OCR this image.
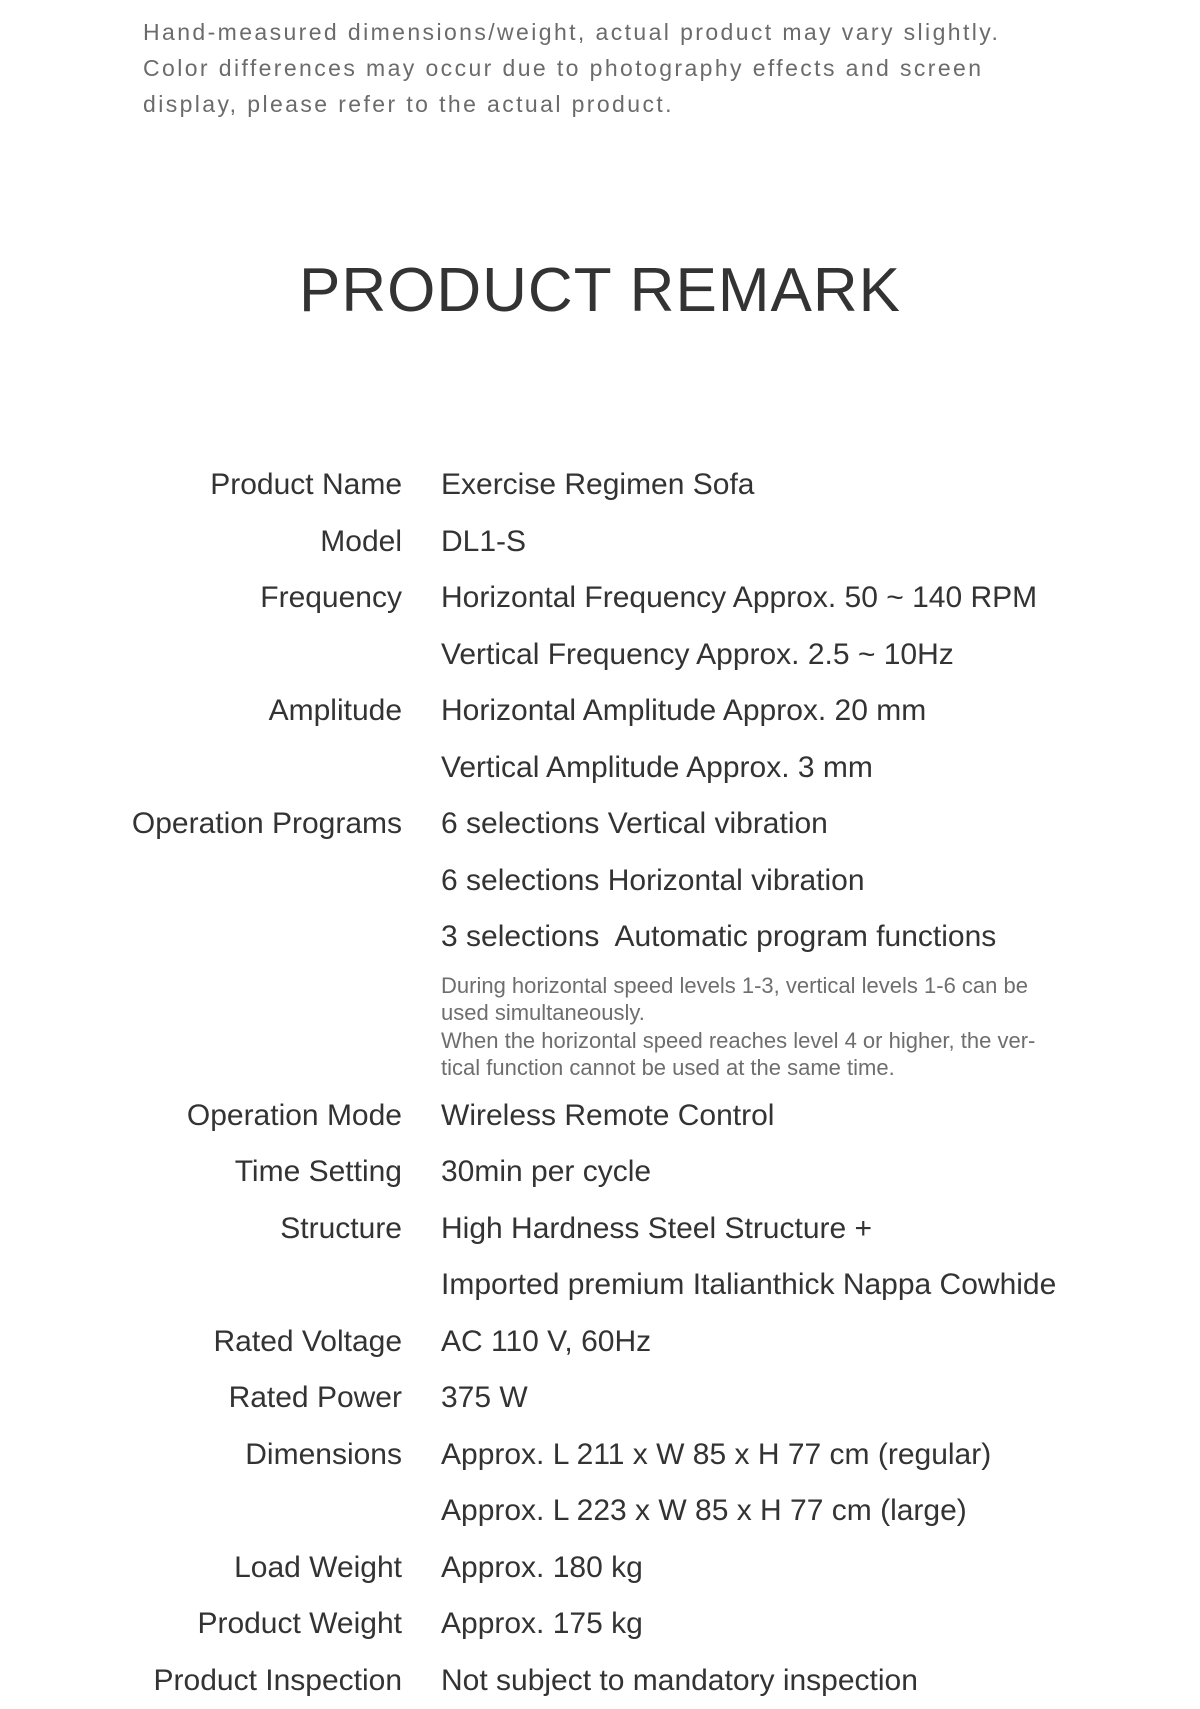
Hand-measured dimensions/weight, actual product may vary slightly.
Color differences may occur due to photography effects and screen
display, please refer to the actual product.
PRODUCT REMARK
Product Name Exercise Regimen Sofa
Model DL1-S
Frequency Horizontal Frequency Approx. 50 ~ 140 RPM
Vertical Frequency Approx. 2.5 ~ 10Hz
Amplitude Horizontal Amplitude Approx. 20 mm
Vertical Amplitude Approx. 3 mm
Operation Programs 6 selections Vertical vibration
6 selections Horizontal vibration
3 selections  Automatic program functions
During horizontal speed levels 1-3, vertical levels 1-6 can be
used simultaneously.
When the horizontal speed reaches level 4 or higher, the ver-
tical function cannot be used at the same time.
Operation Mode Wireless Remote Control
Time Setting 30min per cycle
Structure High Hardness Steel Structure +
Imported premium Italianthick Nappa Cowhide
Rated Voltage AC 110 V, 60Hz
Rated Power 375 W
Dimensions Approx. L 211 x W 85 x H 77 cm (regular)
Approx. L 223 x W 85 x H 77 cm (large)
Load Weight Approx. 180 kg
Product Weight Approx. 175 kg
Product Inspection Not subject to mandatory inspection
